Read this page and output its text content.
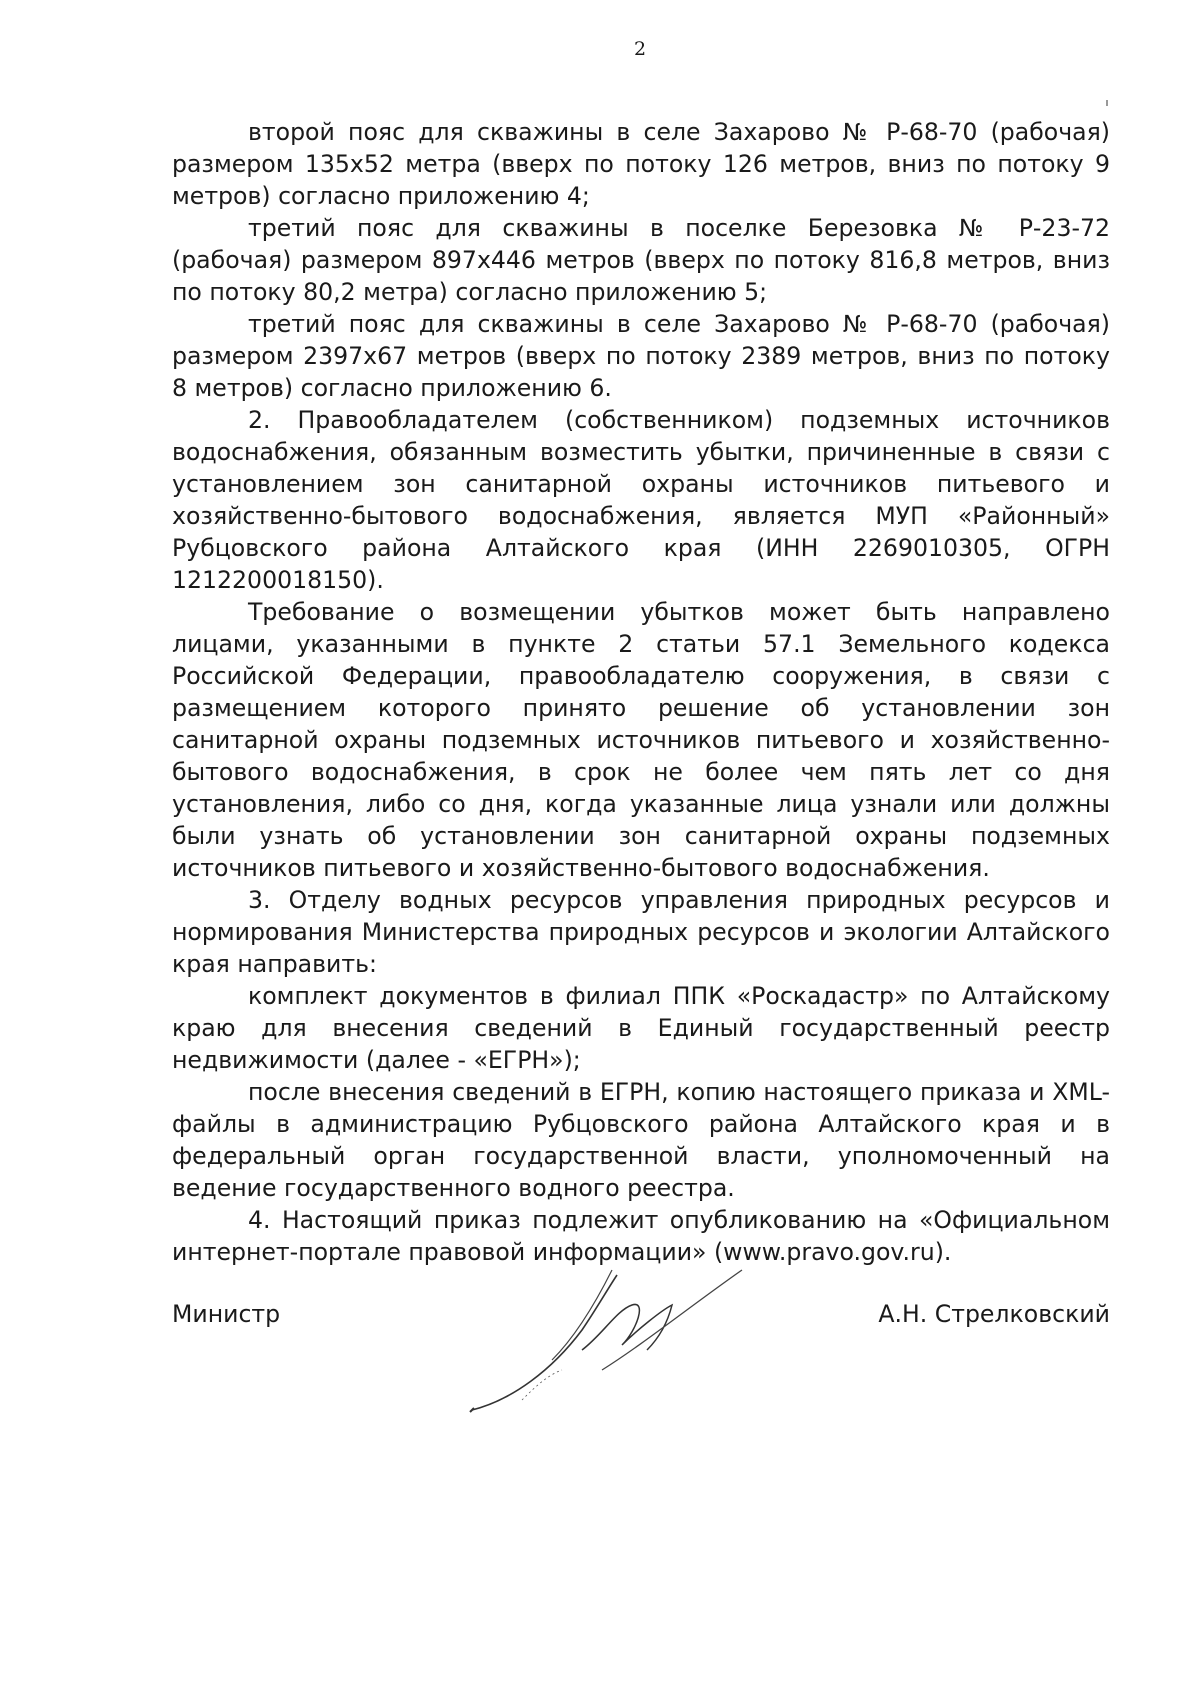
2

второй пояс для скважины в селе Захарово № Р-68-70 (рабочая) размером 135х52 метра (вверх по потоку 126 метров, вниз по потоку 9 метров) согласно приложению 4;

третий пояс для скважины в поселке Березовка № Р-23-72 (рабочая) размером 897х446 метров (вверх по потоку 816,8 метров, вниз по потоку 80,2 метра) согласно приложению 5;

третий пояс для скважины в селе Захарово № Р-68-70 (рабочая) размером 2397х67 метров (вверх по потоку 2389 метров, вниз по потоку 8 метров) согласно приложению 6.

2. Правообладателем (собственником) подземных источников водоснабжения, обязанным возместить убытки, причиненные в связи с установлением зон санитарной охраны источников питьевого и хозяйственно-бытового водоснабжения, является МУП «Районный» Рубцовского района Алтайского края (ИНН 2269010305, ОГРН 1212200018150).

Требование о возмещении убытков может быть направлено лицами, указанными в пункте 2 статьи 57.1 Земельного кодекса Российской Федерации, правообладателю сооружения, в связи с размещением которого принято решение об установлении зон санитарной охраны подземных источников питьевого и хозяйственно-бытового водоснабжения, в срок не более чем пять лет со дня установления, либо со дня, когда указанные лица узнали или должны были узнать об установлении зон санитарной охраны подземных источников питьевого и хозяйственно-бытового водоснабжения.

3. Отделу водных ресурсов управления природных ресурсов и нормирования Министерства природных ресурсов и экологии Алтайского края направить:

комплект документов в филиал ППК «Роскадастр» по Алтайскому краю для внесения сведений в Единый государственный реестр недвижимости (далее - «ЕГРН»);

после внесения сведений в ЕГРН, копию настоящего приказа и XML-файлы в администрацию Рубцовского района Алтайского края и в федеральный орган государственной власти, уполномоченный на ведение государственного водного реестра.

4. Настоящий приказ подлежит опубликованию на «Официальном интернет-портале правовой информации» (www.pravo.gov.ru).

Министр	А.Н. Стрелковский
